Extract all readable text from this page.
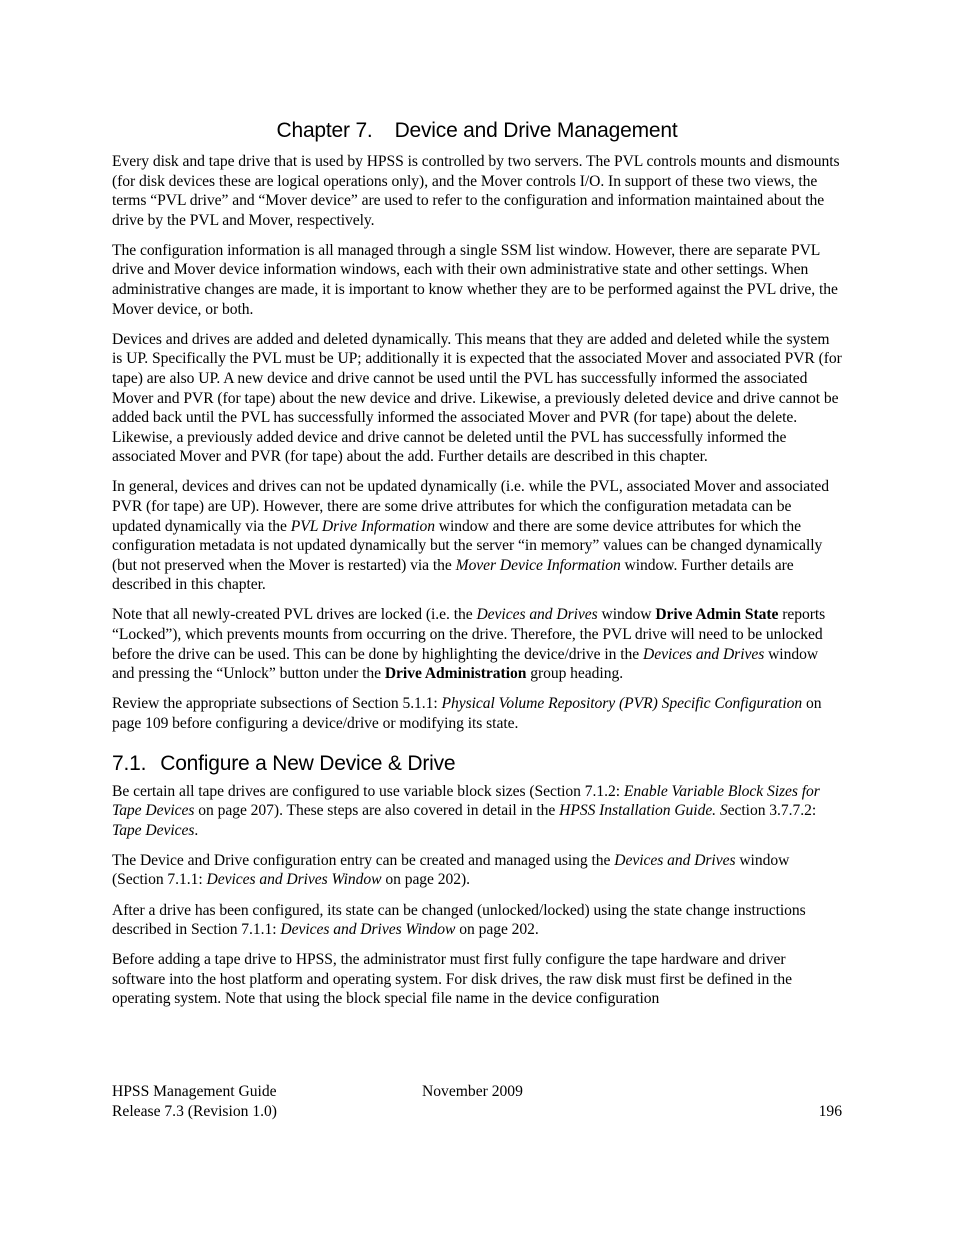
Chapter 7. Device and Drive Management

Every disk and tape drive that is used by HPSS is controlled by two servers. The PVL controls mounts and dismounts (for disk devices these are logical operations only), and the Mover controls I/O. In support of these two views, the terms “PVL drive” and “Mover device” are used to refer to the configuration and information maintained about the drive by the PVL and Mover, respectively.

The configuration information is all managed through a single SSM list window. However, there are separate PVL drive and Mover device information windows, each with their own administrative state and other settings. When administrative changes are made, it is important to know whether they are to be performed against the PVL drive, the Mover device, or both.

Devices and drives are added and deleted dynamically. This means that they are added and deleted while the system is UP. Specifically the PVL must be UP; additionally it is expected that the associated Mover and associated PVR (for tape) are also UP. A new device and drive cannot be used until the PVL has successfully informed the associated Mover and PVR (for tape) about the new device and drive. Likewise, a previously deleted device and drive cannot be added back until the PVL has successfully informed the associated Mover and PVR (for tape) about the delete. Likewise, a previously added device and drive cannot be deleted until the PVL has successfully informed the associated Mover and PVR (for tape) about the add. Further details are described in this chapter.

In general, devices and drives can not be updated dynamically (i.e. while the PVL, associated Mover and associated PVR (for tape) are UP). However, there are some drive attributes for which the configuration metadata can be updated dynamically via the PVL Drive Information window and there are some device attributes for which the configuration metadata is not updated dynamically but the server “in memory” values can be changed dynamically (but not preserved when the Mover is restarted) via the Mover Device Information window. Further details are described in this chapter.

Note that all newly-created PVL drives are locked (i.e. the Devices and Drives window Drive Admin State reports “Locked”), which prevents mounts from occurring on the drive. Therefore, the PVL drive will need to be unlocked before the drive can be used. This can be done by highlighting the device/drive in the Devices and Drives window and pressing the “Unlock” button under the Drive Administration group heading.

Review the appropriate subsections of Section 5.1.1: Physical Volume Repository (PVR) Specific Configuration on page 109 before configuring a device/drive or modifying its state.

7.1. Configure a New Device & Drive

Be certain all tape drives are configured to use variable block sizes (Section 7.1.2: Enable Variable Block Sizes for Tape Devices on page 207). These steps are also covered in detail in the HPSS Installation Guide. Section 3.7.7.2: Tape Devices.

The Device and Drive configuration entry can be created and managed using the Devices and Drives window (Section 7.1.1: Devices and Drives Window on page 202).

After a drive has been configured, its state can be changed (unlocked/locked) using the state change instructions described in Section 7.1.1: Devices and Drives Window on page 202.

Before adding a tape drive to HPSS, the administrator must first fully configure the tape hardware and driver software into the host platform and operating system. For disk drives, the raw disk must first be defined in the operating system. Note that using the block special file name in the device configuration

HPSS Management Guide	November 2009
Release 7.3 (Revision 1.0)	196
